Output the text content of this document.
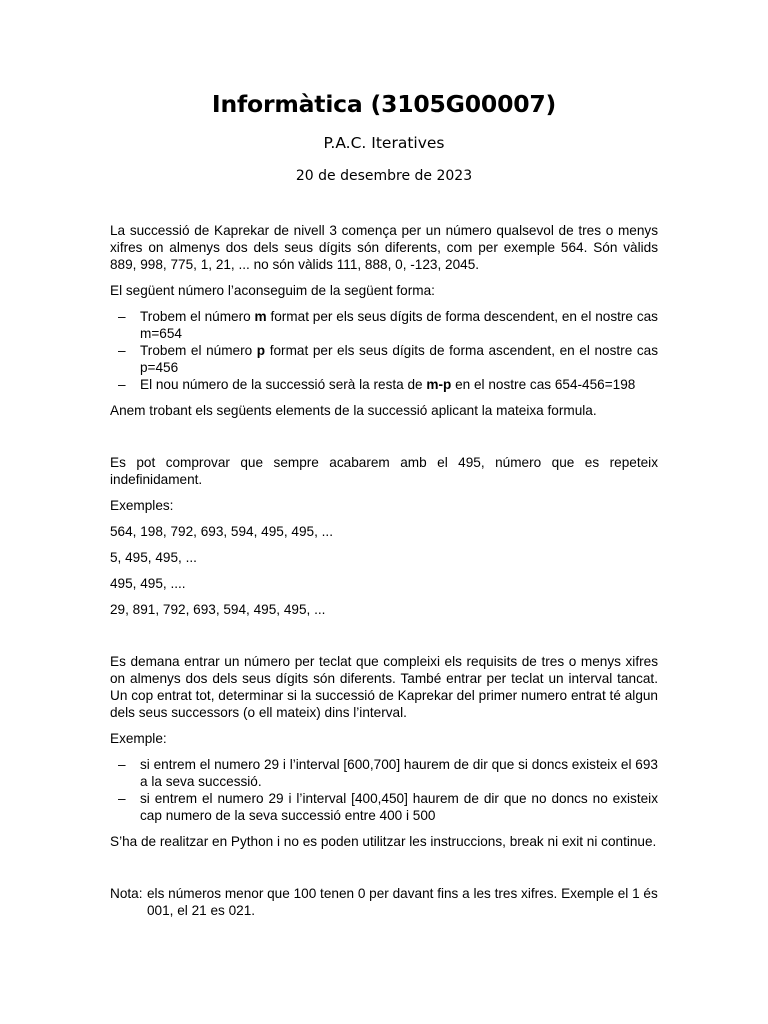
Informàtica (3105G00007)
P.A.C. Iteratives
20 de desembre de 2023

La successió de Kaprekar de nivell 3 comença per un número qualsevol de tres o menys xifres on almenys dos dels seus dígits són diferents, com per exemple 564. Són vàlids 889, 998, 775, 1, 21, ... no són vàlids 111, 888, 0, -123, 2045.

El següent número l’aconseguim de la següent forma:

– Trobem el número m format per els seus dígits de forma descendent, en el nostre cas m=654
– Trobem el número p format per els seus dígits de forma ascendent, en el nostre cas p=456
– El nou número de la successió serà la resta de m-p en el nostre cas 654-456=198

Anem trobant els següents elements de la successió aplicant la mateixa formula.

Es pot comprovar que sempre acabarem amb el 495, número que es repeteix indefinidament.

Exemples:

564, 198, 792, 693, 594, 495, 495, ...

5, 495, 495, ...

495, 495, ....

29, 891, 792, 693, 594, 495, 495, ...

Es demana entrar un número per teclat que compleixi els requisits de tres o menys xifres on almenys dos dels seus dígits són diferents. També entrar per teclat un interval tancat. Un cop entrat tot, determinar si la successió de Kaprekar del primer numero entrat té algun dels seus successors (o ell mateix) dins l’interval.

Exemple:

– si entrem el numero 29 i l’interval [600,700] haurem de dir que si doncs existeix el 693 a la seva successió.
– si entrem el numero 29 i l’interval [400,450] haurem de dir que no doncs no existeix cap numero de la seva successió entre 400 i 500

S’ha de realitzar en Python i no es poden utilitzar les instruccions, break ni exit ni continue.

Nota: els números menor que 100 tenen 0 per davant fins a les tres xifres. Exemple el 1 és 001, el 21 es 021.
